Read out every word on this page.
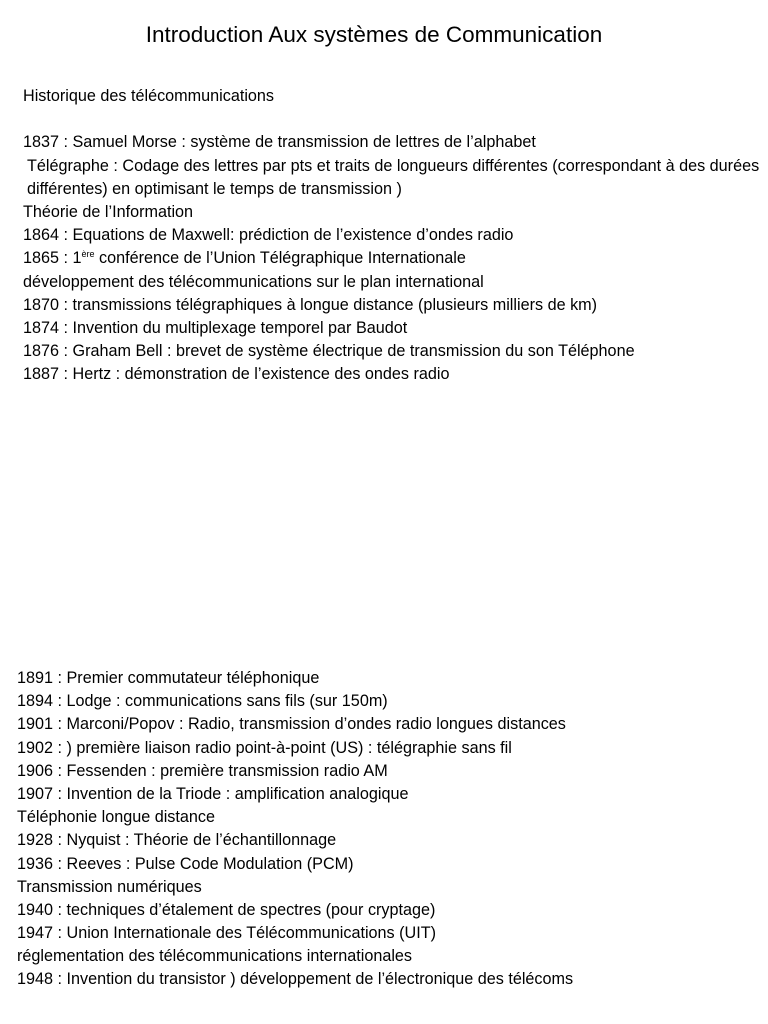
Introduction Aux systèmes de Communication
Historique des télécommunications
1837 : Samuel Morse : système de transmission de lettres de l’alphabet
Télégraphe : Codage des lettres par pts et traits de longueurs différentes (correspondant à des durées différentes) en optimisant le temps de transmission )
Théorie de l’Information
1864 : Equations de Maxwell: prédiction de l’existence d’ondes radio
1865 : 1ère conférence de l’Union Télégraphique Internationale
développement des télécommunications sur le plan international
1870 : transmissions télégraphiques à longue distance (plusieurs milliers de km)
1874 : Invention du multiplexage temporel par Baudot
1876 : Graham Bell : brevet de système électrique de transmission du son Téléphone
1887 : Hertz : démonstration de l’existence des ondes radio
1891 : Premier commutateur téléphonique
1894 : Lodge : communications sans fils (sur 150m)
1901 : Marconi/Popov : Radio, transmission d’ondes radio longues distances
1902 : ) première liaison radio point-à-point (US) : télégraphie sans fil
1906 : Fessenden : première transmission radio AM
1907 : Invention de la Triode : amplification analogique
Téléphonie longue distance
1928 : Nyquist : Théorie de l’échantillonnage
1936 : Reeves : Pulse Code Modulation (PCM)
Transmission numériques
1940 : techniques d’étalement de spectres (pour cryptage)
1947 : Union Internationale des Télécommunications (UIT)
réglementation des télécommunications internationales
1948 : Invention du transistor ) développement de l’électronique des télécoms
